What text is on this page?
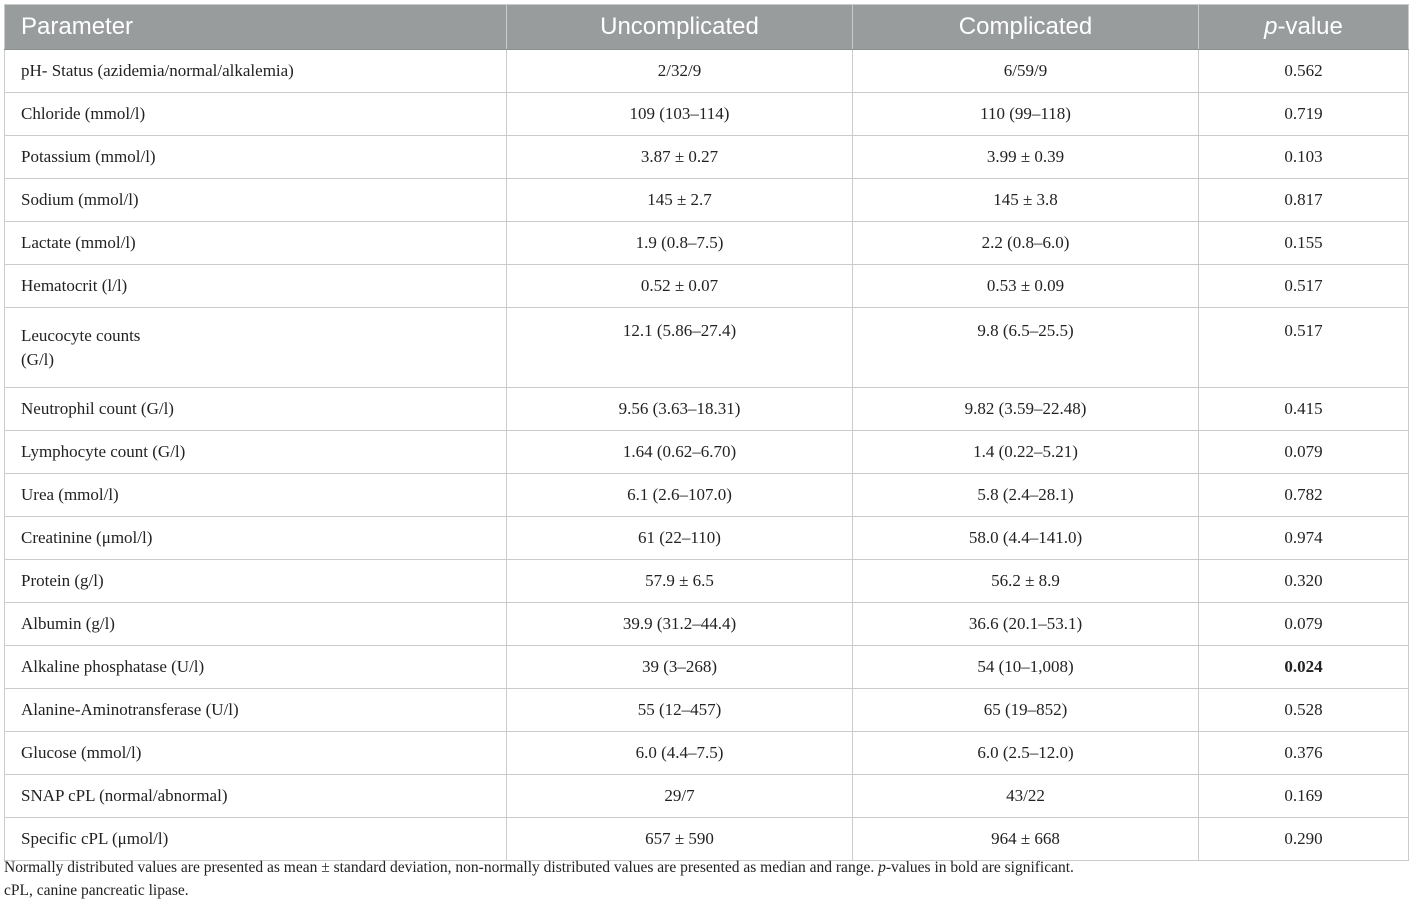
Parameter	Uncomplicated	Complicated	p-value
pH- Status (azidemia/normal/alkalemia)	2/32/9	6/59/9	0.562
Chloride (mmol/l)	109 (103–114)	110 (99–118)	0.719
Potassium (mmol/l)	3.87 ± 0.27	3.99 ± 0.39	0.103
Sodium (mmol/l)	145 ± 2.7	145 ± 3.8	0.817
Lactate (mmol/l)	1.9 (0.8–7.5)	2.2 (0.8–6.0)	0.155
Hematocrit (l/l)	0.52 ± 0.07	0.53 ± 0.09	0.517

Leucocyte counts (G/l)	12.1 (5.86–27.4)	9.8 (6.5–25.5)	0.517
Neutrophil count (G/l)	9.56 (3.63–18.31)	9.82 (3.59–22.48)	0.415
Lymphocyte count (G/l)	1.64 (0.62–6.70)	1.4 (0.22–5.21)	0.079
Urea (mmol/l)	6.1 (2.6–107.0)	5.8 (2.4–28.1)	0.782
Creatinine (μmol/l)	61 (22–110)	58.0 (4.4–141.0)	0.974
Protein (g/l)	57.9 ± 6.5	56.2 ± 8.9	0.320
Albumin (g/l)	39.9 (31.2–44.4)	36.6 (20.1–53.1)	0.079
Alkaline phosphatase (U/l)	39 (3–268)	54 (10–1,008)	0.024
Alanine-Aminotransferase (U/l)	55 (12–457)	65 (19–852)	0.528
Glucose (mmol/l)	6.0 (4.4–7.5)	6.0 (2.5–12.0)	0.376
SNAP cPL (normal/abnormal)	29/7	43/22	0.169
Specific cPL (μmol/l)	657 ± 590	964 ± 668	0.290
Normally distributed values are presented as mean ± standard deviation, non-normally distributed values are presented as median and range. p-values in bold are significant.
cPL, canine pancreatic lipase.
